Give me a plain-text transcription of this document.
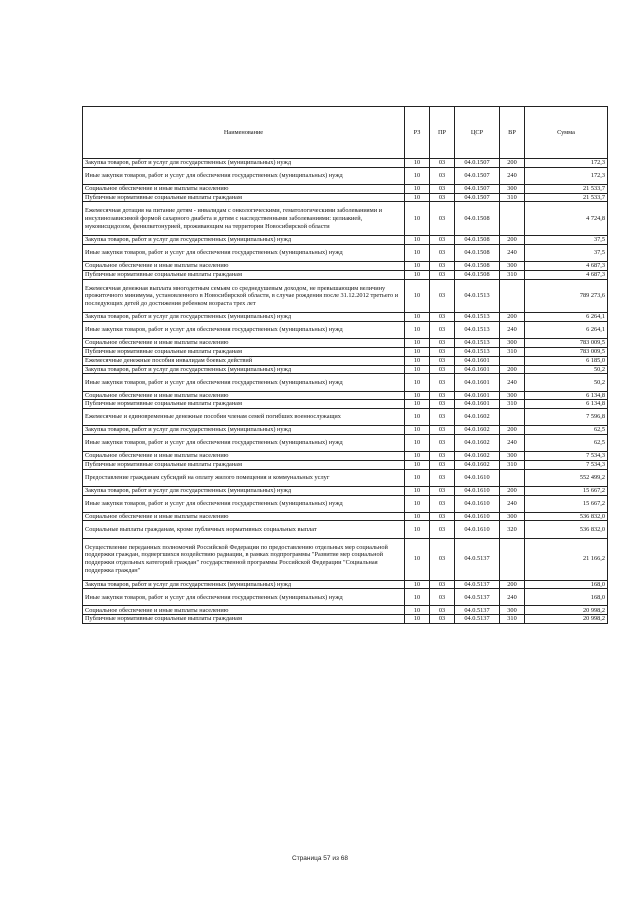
Наименование	РЗ	ПР	ЦСР	ВР	Сумма
Закупка товаров, работ и услуг для государственных (муниципальных) нужд	10	03	04.0.1507	200	172,3
Иные закупки товаров, работ и услуг для обеспечения государственных (муниципальных) нужд	10	03	04.0.1507	240	172,3
Социальное обеспечение и иные выплаты населению	10	03	04.0.1507	300	21 533,7
Публичные нормативные социальные выплаты гражданам	10	03	04.0.1507	310	21 533,7
Ежемесячная дотация на питание детям - инвалидам с онкологическими, гематологическими заболеваниями и инсулинозависимой формой сахарного диабета и детям с наследственными заболеваниями: целиакией, муковисцидозом, фенилкетонурией, проживающим на территории Новосибирской области	10	03	04.0.1508		4 724,8
Закупка товаров, работ и услуг для государственных (муниципальных) нужд	10	03	04.0.1508	200	37,5
Иные закупки товаров, работ и услуг для обеспечения государственных (муниципальных) нужд	10	03	04.0.1508	240	37,5
Социальное обеспечение и иные выплаты населению	10	03	04.0.1508	300	4 687,3
Публичные нормативные социальные выплаты гражданам	10	03	04.0.1508	310	4 687,3
Ежемесячная денежная выплата многодетным семьям со среднедушевым доходом, не превышающим величину прожиточного минимума, установленного в Новосибирской области, в случае рождения после 31.12.2012 третьего и последующих детей до достижения ребенком возраста трех лет	10	03	04.0.1513		789 273,6
Закупка товаров, работ и услуг для государственных (муниципальных) нужд	10	03	04.0.1513	200	6 264,1
Иные закупки товаров, работ и услуг для обеспечения государственных (муниципальных) нужд	10	03	04.0.1513	240	6 264,1
Социальное обеспечение и иные выплаты населению	10	03	04.0.1513	300	783 009,5
Публичные нормативные социальные выплаты гражданам	10	03	04.0.1513	310	783 009,5
Ежемесячные денежные пособия инвалидам боевых действий	10	03	04.0.1601		6 185,0
Закупка товаров, работ и услуг для государственных (муниципальных) нужд	10	03	04.0.1601	200	50,2
Иные закупки товаров, работ и услуг для обеспечения государственных (муниципальных) нужд	10	03	04.0.1601	240	50,2
Социальное обеспечение и иные выплаты населению	10	03	04.0.1601	300	6 134,8
Публичные нормативные социальные выплаты гражданам	10	03	04.0.1601	310	6 134,8
Ежемесячные и единовременные денежные пособия членам семей погибших военнослужащих	10	03	04.0.1602		7 596,8
Закупка товаров, работ и услуг для государственных (муниципальных) нужд	10	03	04.0.1602	200	62,5
Иные закупки товаров, работ и услуг для обеспечения государственных (муниципальных) нужд	10	03	04.0.1602	240	62,5
Социальное обеспечение и иные выплаты населению	10	03	04.0.1602	300	7 534,3
Публичные нормативные социальные выплаты гражданам	10	03	04.0.1602	310	7 534,3
Предоставление гражданам субсидий на оплату жилого помещения и коммунальных услуг	10	03	04.0.1610		552 499,2
Закупка товаров, работ и услуг для государственных (муниципальных) нужд	10	03	04.0.1610	200	15 667,2
Иные закупки товаров, работ и услуг для обеспечения государственных (муниципальных) нужд	10	03	04.0.1610	240	15 667,2
Социальное обеспечение и иные выплаты населению	10	03	04.0.1610	300	536 832,0
Социальные выплаты гражданам, кроме публичных нормативных социальных выплат	10	03	04.0.1610	320	536 832,0
Осуществление переданных полномочий Российской Федерации по предоставлению отдельных мер социальной поддержки граждан, подвергшихся воздействию радиации, в рамках подпрограммы "Развитие мер социальной поддержки отдельных категорий граждан" государственной программы Российской Федерации "Социальная поддержка граждан"	10	03	04.0.5137		21 166,2
Закупка товаров, работ и услуг для государственных (муниципальных) нужд	10	03	04.0.5137	200	168,0
Иные закупки товаров, работ и услуг для обеспечения государственных (муниципальных) нужд	10	03	04.0.5137	240	168,0
Социальное обеспечение и иные выплаты населению	10	03	04.0.5137	300	20 998,2
Публичные нормативные социальные выплаты гражданам	10	03	04.0.5137	310	20 998,2
Страница 57 из 68
